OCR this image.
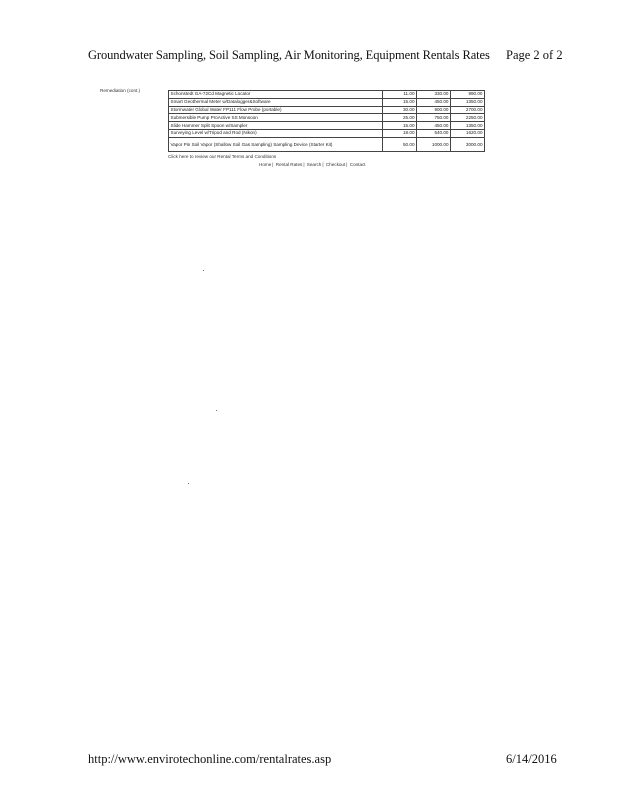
Groundwater Sampling, Soil Sampling, Air Monitoring, Equipment Rentals Rates Page 2 of 2
Remediation (cont.)
Schonstedt GA-72Cd Magnetic Locator	11.00	330.00	990.00
Smart Geothermal Meter w/Datalogger&Software	15.00	450.00	1350.00
Stormwater Global Water FP111 Flow Probe (portable)	30.00	900.00	2700.00
Submersible Pump ProActive SS Monsoon	25.00	750.00	2250.00
Slide Hammer Split Spoon w/Sampler	15.00	450.00	1350.00
Surveying Level w/Tripod and Rod (Nikon)	18.00	540.00	1620.00
Vapor Pin Soil Vapor (Shallow Soil Gas Sampling) Sampling Device (Starter Kit)	50.00	1000.00	3000.00
Click here to review our Rental Terms and Conditions
Home| Rental Rates| Search| Checkout| Contact
http://www.envirotechonline.com/rentalrates.asp	6/14/2016
